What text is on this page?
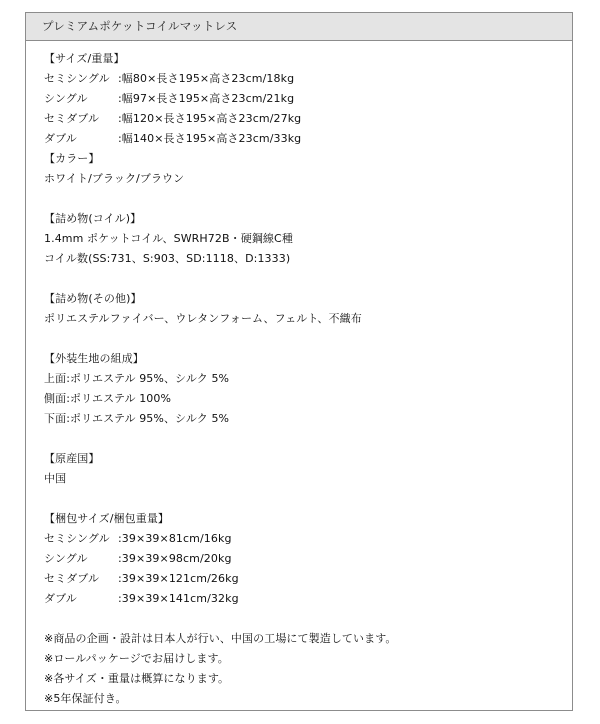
プレミアムポケットコイルマットレス
【サイズ/重量】
セミシングル :幅80×長さ195×高さ23cm/18kg
シングル	:幅97×長さ195×高さ23cm/21kg
セミダブル	:幅120×長さ195×高さ23cm/27kg
ダブル	:幅140×長さ195×高さ23cm/33kg
【カラー】
ホワイト/ブラック/ブラウン
【詰め物(コイル)】
1.4mm ポケットコイル、SWRH72B・硬鋼線C種
コイル数(SS:731、S:903、SD:1118、D:1333)
【詰め物(その他)】
ポリエステルファイバー、ウレタンフォーム、フェルト、不織布
【外装生地の組成】
上面:ポリエステル 95%、シルク 5%
側面:ポリエステル 100%
下面:ポリエステル 95%、シルク 5%
【原産国】
中国
【梱包サイズ/梱包重量】
セミシングル :39×39×81cm/16kg
シングル	:39×39×98cm/20kg
セミダブル	:39×39×121cm/26kg
ダブル	:39×39×141cm/32kg
※商品の企画・設計は日本人が行い、中国の工場にて製造しています。
※ロールパッケージでお届けします。
※各サイズ・重量は概算になります。
※5年保証付き。
